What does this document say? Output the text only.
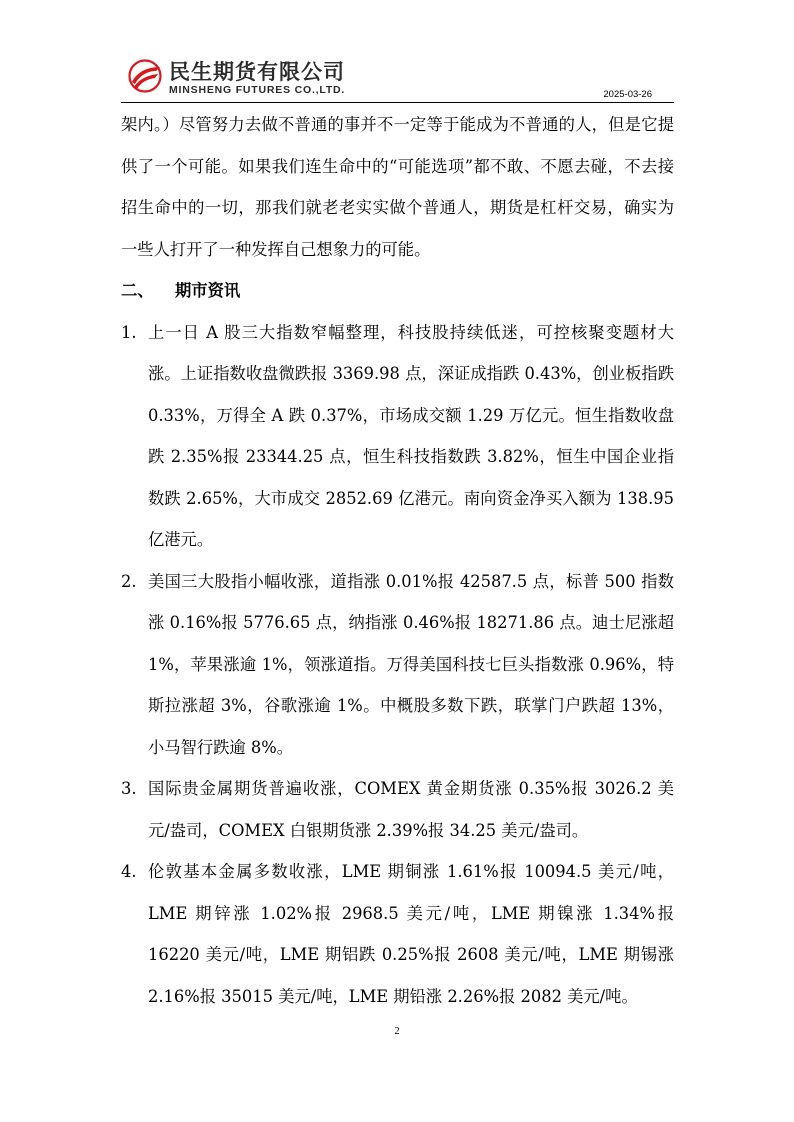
民生期货有限公司
MINSHENG FUTURES CO.,LTD.	2025-03-26

架内。）尽管努力去做不普通的事并不一定等于能成为不普通的人，但是它提供了一个可能。如果我们连生命中的“可能选项”都不敢、不愿去碰，不去接招生命中的一切，那我们就老老实实做个普通人，期货是杠杆交易，确实为一些人打开了一种发挥自己想象力的可能。

二、 期市资讯
1. 上一日 A 股三大指数窄幅整理，科技股持续低迷，可控核聚变题材大涨。上证指数收盘微跌报 3369.98 点，深证成指跌 0.43%，创业板指跌 0.33%，万得全 A 跌 0.37%，市场成交额 1.29 万亿元。恒生指数收盘跌 2.35%报 23344.25 点，恒生科技指数跌 3.82%，恒生中国企业指数跌 2.65%，大市成交 2852.69 亿港元。南向资金净买入额为 138.95 亿港元。

2. 美国三大股指小幅收涨，道指涨 0.01%报 42587.5 点，标普 500 指数涨 0.16%报 5776.65 点，纳指涨 0.46%报 18271.86 点。迪士尼涨超 1%，苹果涨逾 1%，领涨道指。万得美国科技七巨头指数涨 0.96%，特斯拉涨超 3%，谷歌涨逾 1%。中概股多数下跌，联掌门户跌超 13%，小马智行跌逾 8%。

3. 国际贵金属期货普遍收涨，COMEX 黄金期货涨 0.35%报 3026.2 美元/盎司，COMEX 白银期货涨 2.39%报 34.25 美元/盎司。

4. 伦敦基本金属多数收涨，LME 期铜涨 1.61%报 10094.5 美元/吨，LME 期锌涨 1.02%报 2968.5 美元/吨，LME 期镍涨 1.34%报 16220 美元/吨，LME 期铝跌 0.25%报 2608 美元/吨，LME 期锡涨 2.16%报 35015 美元/吨，LME 期铅涨 2.26%报 2082 美元/吨。

2
